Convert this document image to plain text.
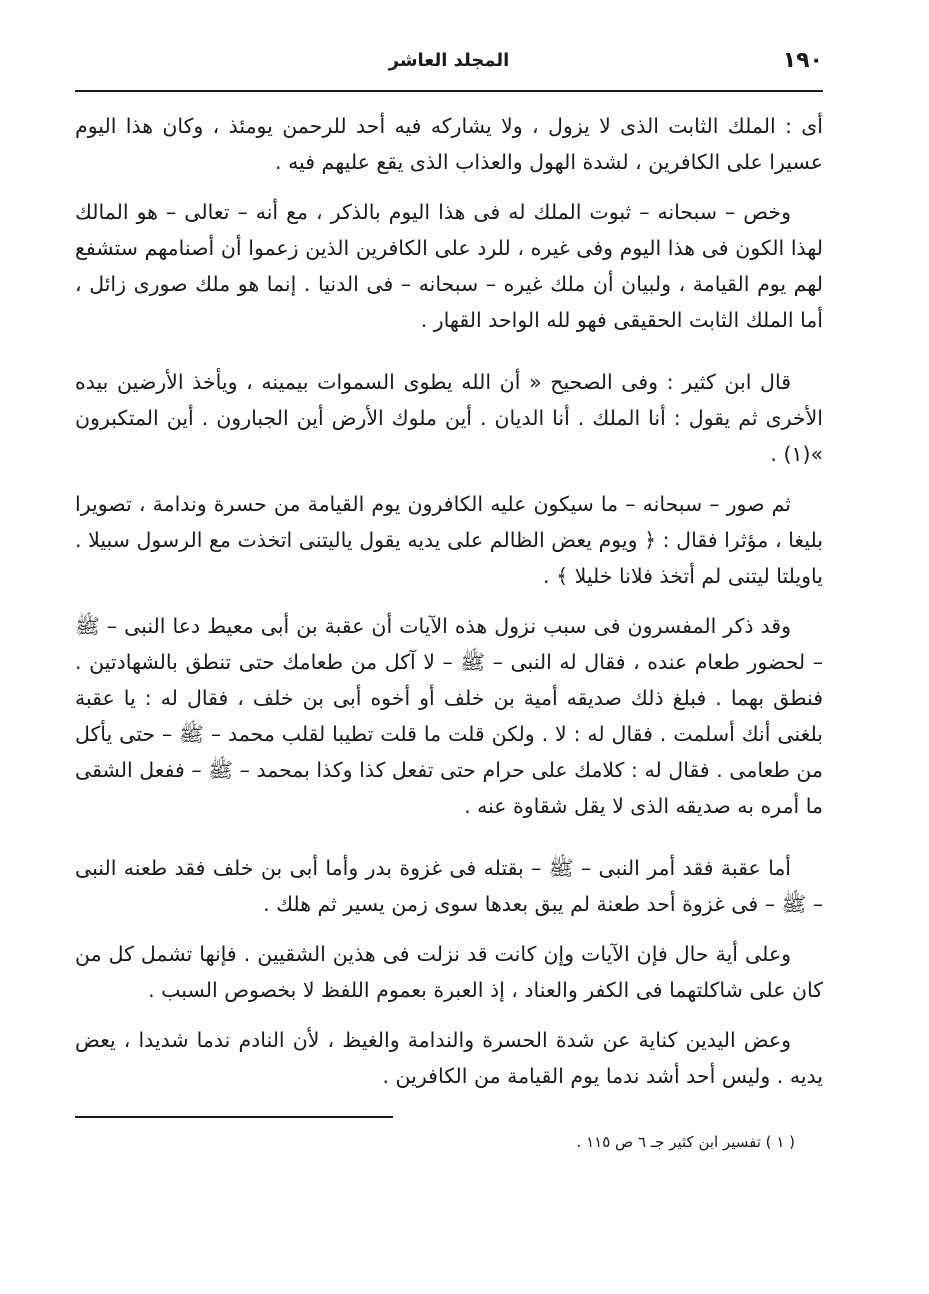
١٩٠
المجلد العاشر

أى : الملك الثابت الذى لا يزول ، ولا يشاركه فيه أحد للرحمن يومئذ ، وكان هذا اليوم عسيرا على الكافرين ، لشدة الهول والعذاب الذى يقع عليهم فيه .

وخص – سبحانه – ثبوت الملك له فى هذا اليوم بالذكر ، مع أنه – تعالى – هو المالك لهذا الكون فى هذا اليوم وفى غيره ، للرد على الكافرين الذين زعموا أن أصنامهم ستشفع لهم يوم القيامة ، ولبيان أن ملك غيره – سبحانه – فى الدنيا . إنما هو ملك صورى زائل ، أما الملك الثابت الحقيقى فهو لله الواحد القهار .

قال ابن كثير : وفى الصحيح « أن الله يطوى السموات بيمينه ، ويأخذ الأرضين بيده الأخرى ثم يقول : أنا الملك . أنا الديان . أين ملوك الأرض أين الجبارون . أين المتكبرون »(١) .

ثم صور – سبحانه – ما سيكون عليه الكافرون يوم القيامة من حسرة وندامة ، تصويرا بليغا ، مؤثرا فقال : ﴿ ويوم يعض الظالم على يديه يقول ياليتنى اتخذت مع الرسول سبيلا . ياويلتا ليتنى لم أتخذ فلانا خليلا ﴾ .

وقد ذكر المفسرون فى سبب نزول هذه الآيات أن عقبة بن أبى معيط دعا النبى – ﷺ – لحضور طعام عنده ، فقال له النبى – ﷺ – لا آكل من طعامك حتى تنطق بالشهادتين . فنطق بهما . فبلغ ذلك صديقه أمية بن خلف أو أخوه أبى بن خلف ، فقال له : يا عقبة بلغنى أنك أسلمت . فقال له : لا . ولكن قلت ما قلت تطيبا لقلب محمد – ﷺ – حتى يأكل من طعامى . فقال له : كلامك على حرام حتى تفعل كذا وكذا بمحمد – ﷺ – ففعل الشقى ما أمره به صديقه الذى لا يقل شقاوة عنه .

أما عقبة فقد أمر النبى – ﷺ – بقتله فى غزوة بدر وأما أبى بن خلف فقد طعنه النبى – ﷺ – فى غزوة أحد طعنة لم يبق بعدها سوى زمن يسير ثم هلك .

وعلى أية حال فإن الآيات وإن كانت قد نزلت فى هذين الشقيين . فإنها تشمل كل من كان على شاكلتهما فى الكفر والعناد ، إذ العبرة بعموم اللفظ لا بخصوص السبب .

وعض اليدين كناية عن شدة الحسرة والندامة والغيظ ، لأن النادم ندما شديدا ، يعض يديه . وليس أحد أشد ندما يوم القيامة من الكافرين .

( ١ ) تفسير ابن كثير جـ ٦ ص ١١٥ .
